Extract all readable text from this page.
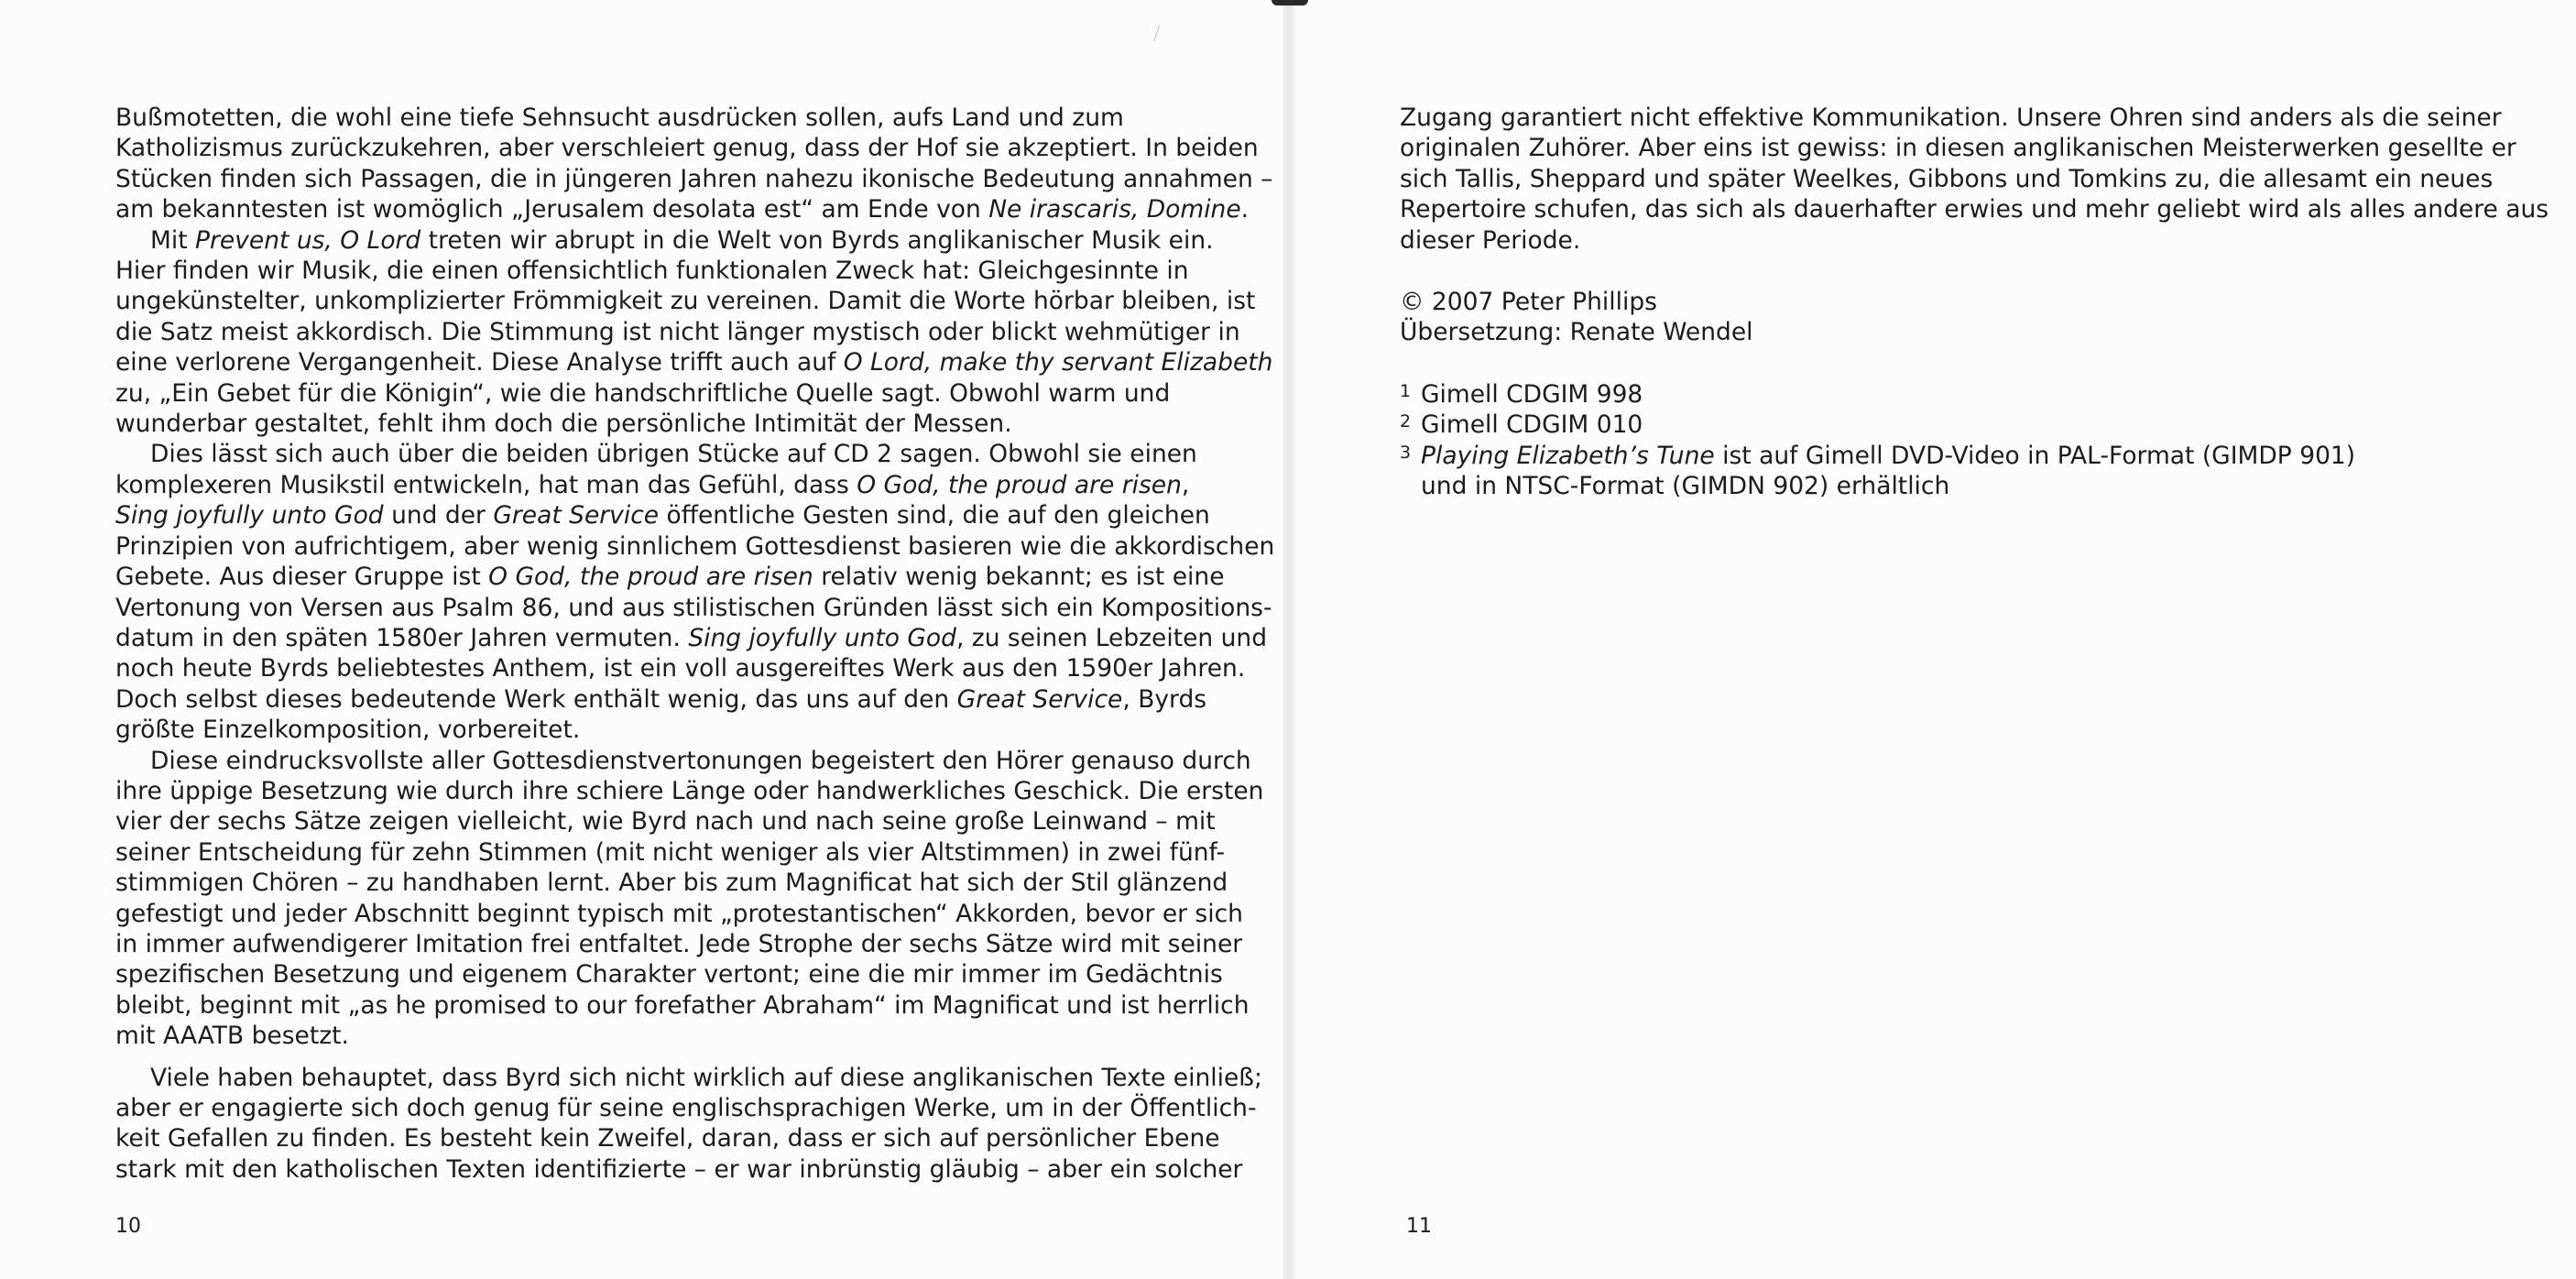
Bußmotetten, die wohl eine tiefe Sehnsucht ausdrücken sollen, aufs Land und zum
Katholizismus zurückzukehren, aber verschleiert genug, dass der Hof sie akzeptiert. In beiden
Stücken finden sich Passagen, die in jüngeren Jahren nahezu ikonische Bedeutung annahmen –
am bekanntesten ist womöglich „Jerusalem desolata est“ am Ende von Ne irascaris, Domine.
Mit Prevent us, O Lord treten wir abrupt in die Welt von Byrds anglikanischer Musik ein.
Hier finden wir Musik, die einen offensichtlich funktionalen Zweck hat: Gleichgesinnte in
ungekünstelter, unkomplizierter Frömmigkeit zu vereinen. Damit die Worte hörbar bleiben, ist
die Satz meist akkordisch. Die Stimmung ist nicht länger mystisch oder blickt wehmütiger in
eine verlorene Vergangenheit. Diese Analyse trifft auch auf O Lord, make thy servant Elizabeth
zu, „Ein Gebet für die Königin“, wie die handschriftliche Quelle sagt. Obwohl warm und
wunderbar gestaltet, fehlt ihm doch die persönliche Intimität der Messen.
Dies lässt sich auch über die beiden übrigen Stücke auf CD 2 sagen. Obwohl sie einen
komplexeren Musikstil entwickeln, hat man das Gefühl, dass O God, the proud are risen,
Sing joyfully unto God und der Great Service öffentliche Gesten sind, die auf den gleichen
Prinzipien von aufrichtigem, aber wenig sinnlichem Gottesdienst basieren wie die akkordischen
Gebete. Aus dieser Gruppe ist O God, the proud are risen relativ wenig bekannt; es ist eine
Vertonung von Versen aus Psalm 86, und aus stilistischen Gründen lässt sich ein Kompositions-
datum in den späten 1580er Jahren vermuten. Sing joyfully unto God, zu seinen Lebzeiten und
noch heute Byrds beliebtestes Anthem, ist ein voll ausgereiftes Werk aus den 1590er Jahren.
Doch selbst dieses bedeutende Werk enthält wenig, das uns auf den Great Service, Byrds
größte Einzelkomposition, vorbereitet.
Diese eindrucksvollste aller Gottesdienstvertonungen begeistert den Hörer genauso durch
ihre üppige Besetzung wie durch ihre schiere Länge oder handwerkliches Geschick. Die ersten
vier der sechs Sätze zeigen vielleicht, wie Byrd nach und nach seine große Leinwand – mit
seiner Entscheidung für zehn Stimmen (mit nicht weniger als vier Altstimmen) in zwei fünf-
stimmigen Chören – zu handhaben lernt. Aber bis zum Magnificat hat sich der Stil glänzend
gefestigt und jeder Abschnitt beginnt typisch mit „protestantischen“ Akkorden, bevor er sich
in immer aufwendigerer Imitation frei entfaltet. Jede Strophe der sechs Sätze wird mit seiner
spezifischen Besetzung und eigenem Charakter vertont; eine die mir immer im Gedächtnis
bleibt, beginnt mit „as he promised to our forefather Abraham“ im Magnificat und ist herrlich
mit AAATB besetzt.
Viele haben behauptet, dass Byrd sich nicht wirklich auf diese anglikanischen Texte einließ;
aber er engagierte sich doch genug für seine englischsprachigen Werke, um in der Öffentlich-
keit Gefallen zu finden. Es besteht kein Zweifel, daran, dass er sich auf persönlicher Ebene
stark mit den katholischen Texten identifizierte – er war inbrünstig gläubig – aber ein solcher
Zugang garantiert nicht effektive Kommunikation. Unsere Ohren sind anders als die seiner
originalen Zuhörer. Aber eins ist gewiss: in diesen anglikanischen Meisterwerken gesellte er
sich Tallis, Sheppard und später Weelkes, Gibbons und Tomkins zu, die allesamt ein neues
Repertoire schufen, das sich als dauerhafter erwies und mehr geliebt wird als alles andere aus
dieser Periode.
© 2007 Peter Phillips
Übersetzung: Renate Wendel
1 Gimell CDGIM 998
2 Gimell CDGIM 010
3 Playing Elizabeth’s Tune ist auf Gimell DVD-Video in PAL-Format (GIMDP 901)
und in NTSC-Format (GIMDN 902) erhältlich
10	11
